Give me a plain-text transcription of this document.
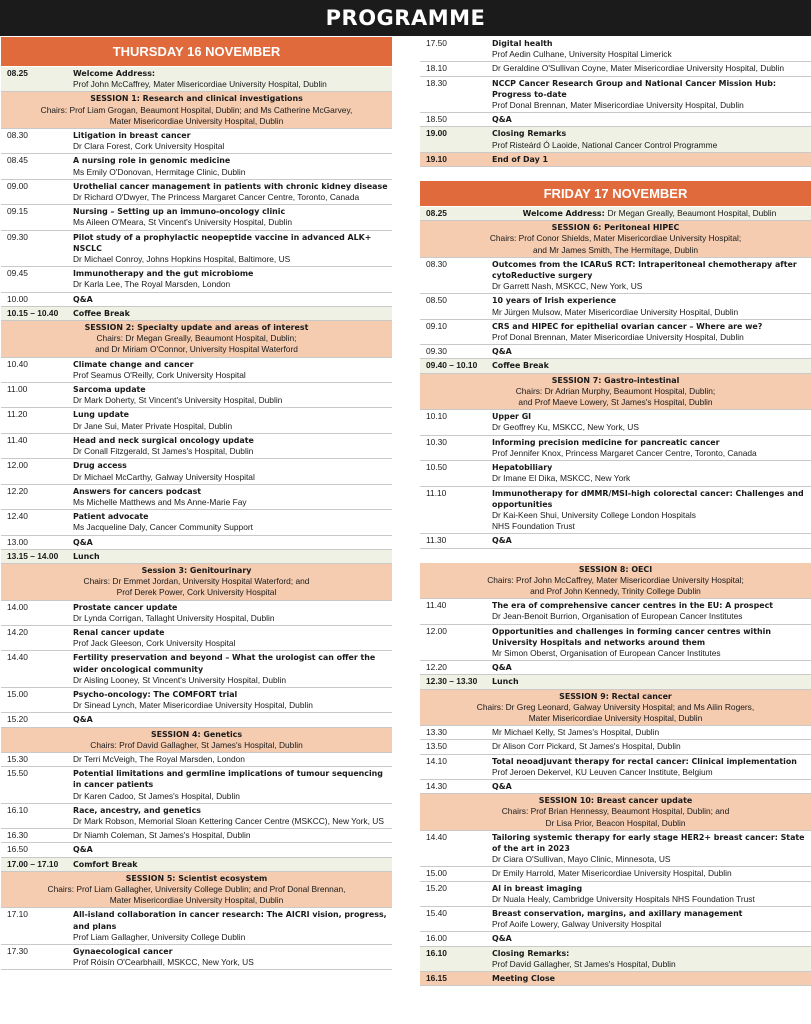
PROGRAMME
THURSDAY 16 NOVEMBER
08.25	Welcome Address:
Prof John McCaffrey, Mater Misericordiae University Hospital, Dublin
SESSION 1: Research and clinical investigations
Chairs: Prof Liam Grogan, Beaumont Hospital, Dublin; and Ms Catherine McGarvey,
Mater Misericordiae University Hospital, Dublin
08.30	Litigation in breast cancer
Dr Clara Forest, Cork University Hospital
08.45	A nursing role in genomic medicine
Ms Emily O'Donovan, Hermitage Clinic, Dublin
09.00	Urothelial cancer management in patients with chronic kidney disease
Dr Richard O'Dwyer, The Princess Margaret Cancer Centre, Toronto, Canada
09.15	Nursing – Setting up an immuno-oncology clinic
Ms Aileen O'Meara, St Vincent's University Hospital, Dublin
09.30	Pilot study of a prophylactic neopeptide vaccine in advanced ALK+ NSCLC
Dr Michael Conroy, Johns Hopkins Hospital, Baltimore, US
09.45	Immunotherapy and the gut microbiome
Dr Karla Lee, The Royal Marsden, London
10.00	Q&A
10.15 – 10.40	Coffee Break
SESSION 2: Specialty update and areas of interest
Chairs: Dr Megan Greally, Beaumont Hospital, Dublin;
and Dr Miriam O'Connor, University Hospital Waterford
10.40	Climate change and cancer
Prof Seamus O'Reilly, Cork University Hospital
11.00	Sarcoma update
Dr Mark Doherty, St Vincent's University Hospital, Dublin
11.20	Lung update
Dr Jane Sui, Mater Private Hospital, Dublin
11.40	Head and neck surgical oncology update
Dr Conall Fitzgerald, St James's Hospital, Dublin
12.00	Drug access
Dr Michael McCarthy, Galway University Hospital
12.20	Answers for cancers podcast
Ms Michelle Matthews and Ms Anne-Marie Fay
12.40	Patient advocate
Ms Jacqueline Daly, Cancer Community Support
13.00	Q&A
13.15 – 14.00	Lunch
Session 3: Genitourinary
Chairs: Dr Emmet Jordan, University Hospital Waterford; and
Prof Derek Power, Cork University Hospital
14.00	Prostate cancer update
Dr Lynda Corrigan, Tallaght University Hospital, Dublin
14.20	Renal cancer update
Prof Jack Gleeson, Cork University Hospital
14.40	Fertility preservation and beyond – What the urologist can offer the wider oncological community
Dr Aisling Looney, St Vincent's University Hospital, Dublin
15.00	Psycho-oncology: The COMFORT trial
Dr Sinead Lynch, Mater Misericordiae University Hospital, Dublin
15.20	Q&A
SESSION 4: Genetics
Chairs: Prof David Gallagher, St James's Hospital, Dublin
15.30	Dr Terri McVeigh, The Royal Marsden, London
15.50	Potential limitations and germline implications of tumour sequencing in cancer patients
Dr Karen Cadoo, St James's Hospital, Dublin
16.10	Race, ancestry, and genetics
Dr Mark Robson, Memorial Sloan Kettering Cancer Centre (MSKCC), New York, US
16.30	Dr Niamh Coleman, St James's Hospital, Dublin
16.50	Q&A
17.00 – 17.10	Comfort Break
SESSION 5: Scientist ecosystem
Chairs: Prof Liam Gallagher, University College Dublin; and Prof Donal Brennan,
Mater Misericordiae University Hospital, Dublin
17.10	All-island collaboration in cancer research: The AICRI vision, progress, and plans
Prof Liam Gallagher, University College Dublin
17.30	Gynaecological cancer
Prof Róisín O'Cearbhaill, MSKCC, New York, US
17.50	Digital health
Prof Aedin Culhane, University Hospital Limerick
18.10	Dr Geraldine O'Sullivan Coyne, Mater Misericordiae University Hospital, Dublin
18.30	NCCP Cancer Research Group and National Cancer Mission Hub: Progress to-date
Prof Donal Brennan, Mater Misericordiae University Hospital, Dublin
18.50	Q&A
19.00	Closing Remarks
Prof Risteárd Ó Laoide, National Cancer Control Programme
19.10	End of Day 1
FRIDAY 17 NOVEMBER
08.25	Welcome Address: Dr Megan Greally, Beaumont Hospital, Dublin
SESSION 6: Peritoneal HIPEC
Chairs: Prof Conor Shields, Mater Misericordiae University Hospital;
and Mr James Smith, The Hermitage, Dublin
08.30	Outcomes from the ICARuS RCT: Intraperitoneal chemotherapy after cytoReductive surgery
Dr Garrett Nash, MSKCC, New York, US
08.50	10 years of Irish experience
Mr Jürgen Mulsow, Mater Misericordiae University Hospital, Dublin
09.10	CRS and HIPEC for epithelial ovarian cancer – Where are we?
Prof Donal Brennan, Mater Misericordiae University Hospital, Dublin
09.30	Q&A
09.40 – 10.10	Coffee Break
SESSION 7: Gastro-intestinal
Chairs: Dr Adrian Murphy, Beaumont Hospital, Dublin;
and Prof Maeve Lowery, St James's Hospital, Dublin
10.10	Upper GI
Dr Geoffrey Ku, MSKCC, New York, US
10.30	Informing precision medicine for pancreatic cancer
Prof Jennifer Knox, Princess Margaret Cancer Centre, Toronto, Canada
10.50	Hepatobiliary
Dr Imane El Dika, MSKCC, New York
11.10	Immunotherapy for dMMR/MSI-high colorectal cancer: Challenges and opportunities
Dr Kai-Keen Shui, University College London Hospitals
NHS Foundation Trust
11.30	Q&A
SESSION 8: OECI
Chairs: Prof John McCaffrey, Mater Misericordiae University Hospital;
and Prof John Kennedy, Trinity College Dublin
11.40	The era of comprehensive cancer centres in the EU: A prospect
Dr Jean-Benoit Burrion, Organisation of European Cancer Institutes
12.00	Opportunities and challenges in forming cancer centres within University Hospitals and networks around them
Mr Simon Oberst, Organisation of European Cancer Institutes
12.20	Q&A
12.30 – 13.30	Lunch
SESSION 9: Rectal cancer
Chairs: Dr Greg Leonard, Galway University Hospital; and Ms Ailin Rogers,
Mater Misericordiae University Hospital, Dublin
13.30	Mr Michael Kelly, St James's Hospital, Dublin
13.50	Dr Alison Corr Pickard, St James's Hospital, Dublin
14.10	Total neoadjuvant therapy for rectal cancer: Clinical implementation
Prof Jeroen Dekervel, KU Leuven Cancer Institute, Belgium
14.30	Q&A
SESSION 10: Breast cancer update
Chairs: Prof Brian Hennessy, Beaumont Hospital, Dublin; and
Dr Lisa Prior, Beacon Hospital, Dublin
14.40	Tailoring systemic therapy for early stage HER2+ breast cancer: State of the art in 2023
Dr Ciara O'Sullivan, Mayo Clinic, Minnesota, US
15.00	Dr Emily Harrold, Mater Misericordiae University Hospital, Dublin
15.20	AI in breast imaging
Dr Nuala Healy, Cambridge University Hospitals NHS Foundation Trust
15.40	Breast conservation, margins, and axillary management
Prof Aoife Lowery, Galway University Hospital
16.00	Q&A
16.10	Closing Remarks:
Prof David Gallagher, St James's Hospital, Dublin
16.15	Meeting Close
